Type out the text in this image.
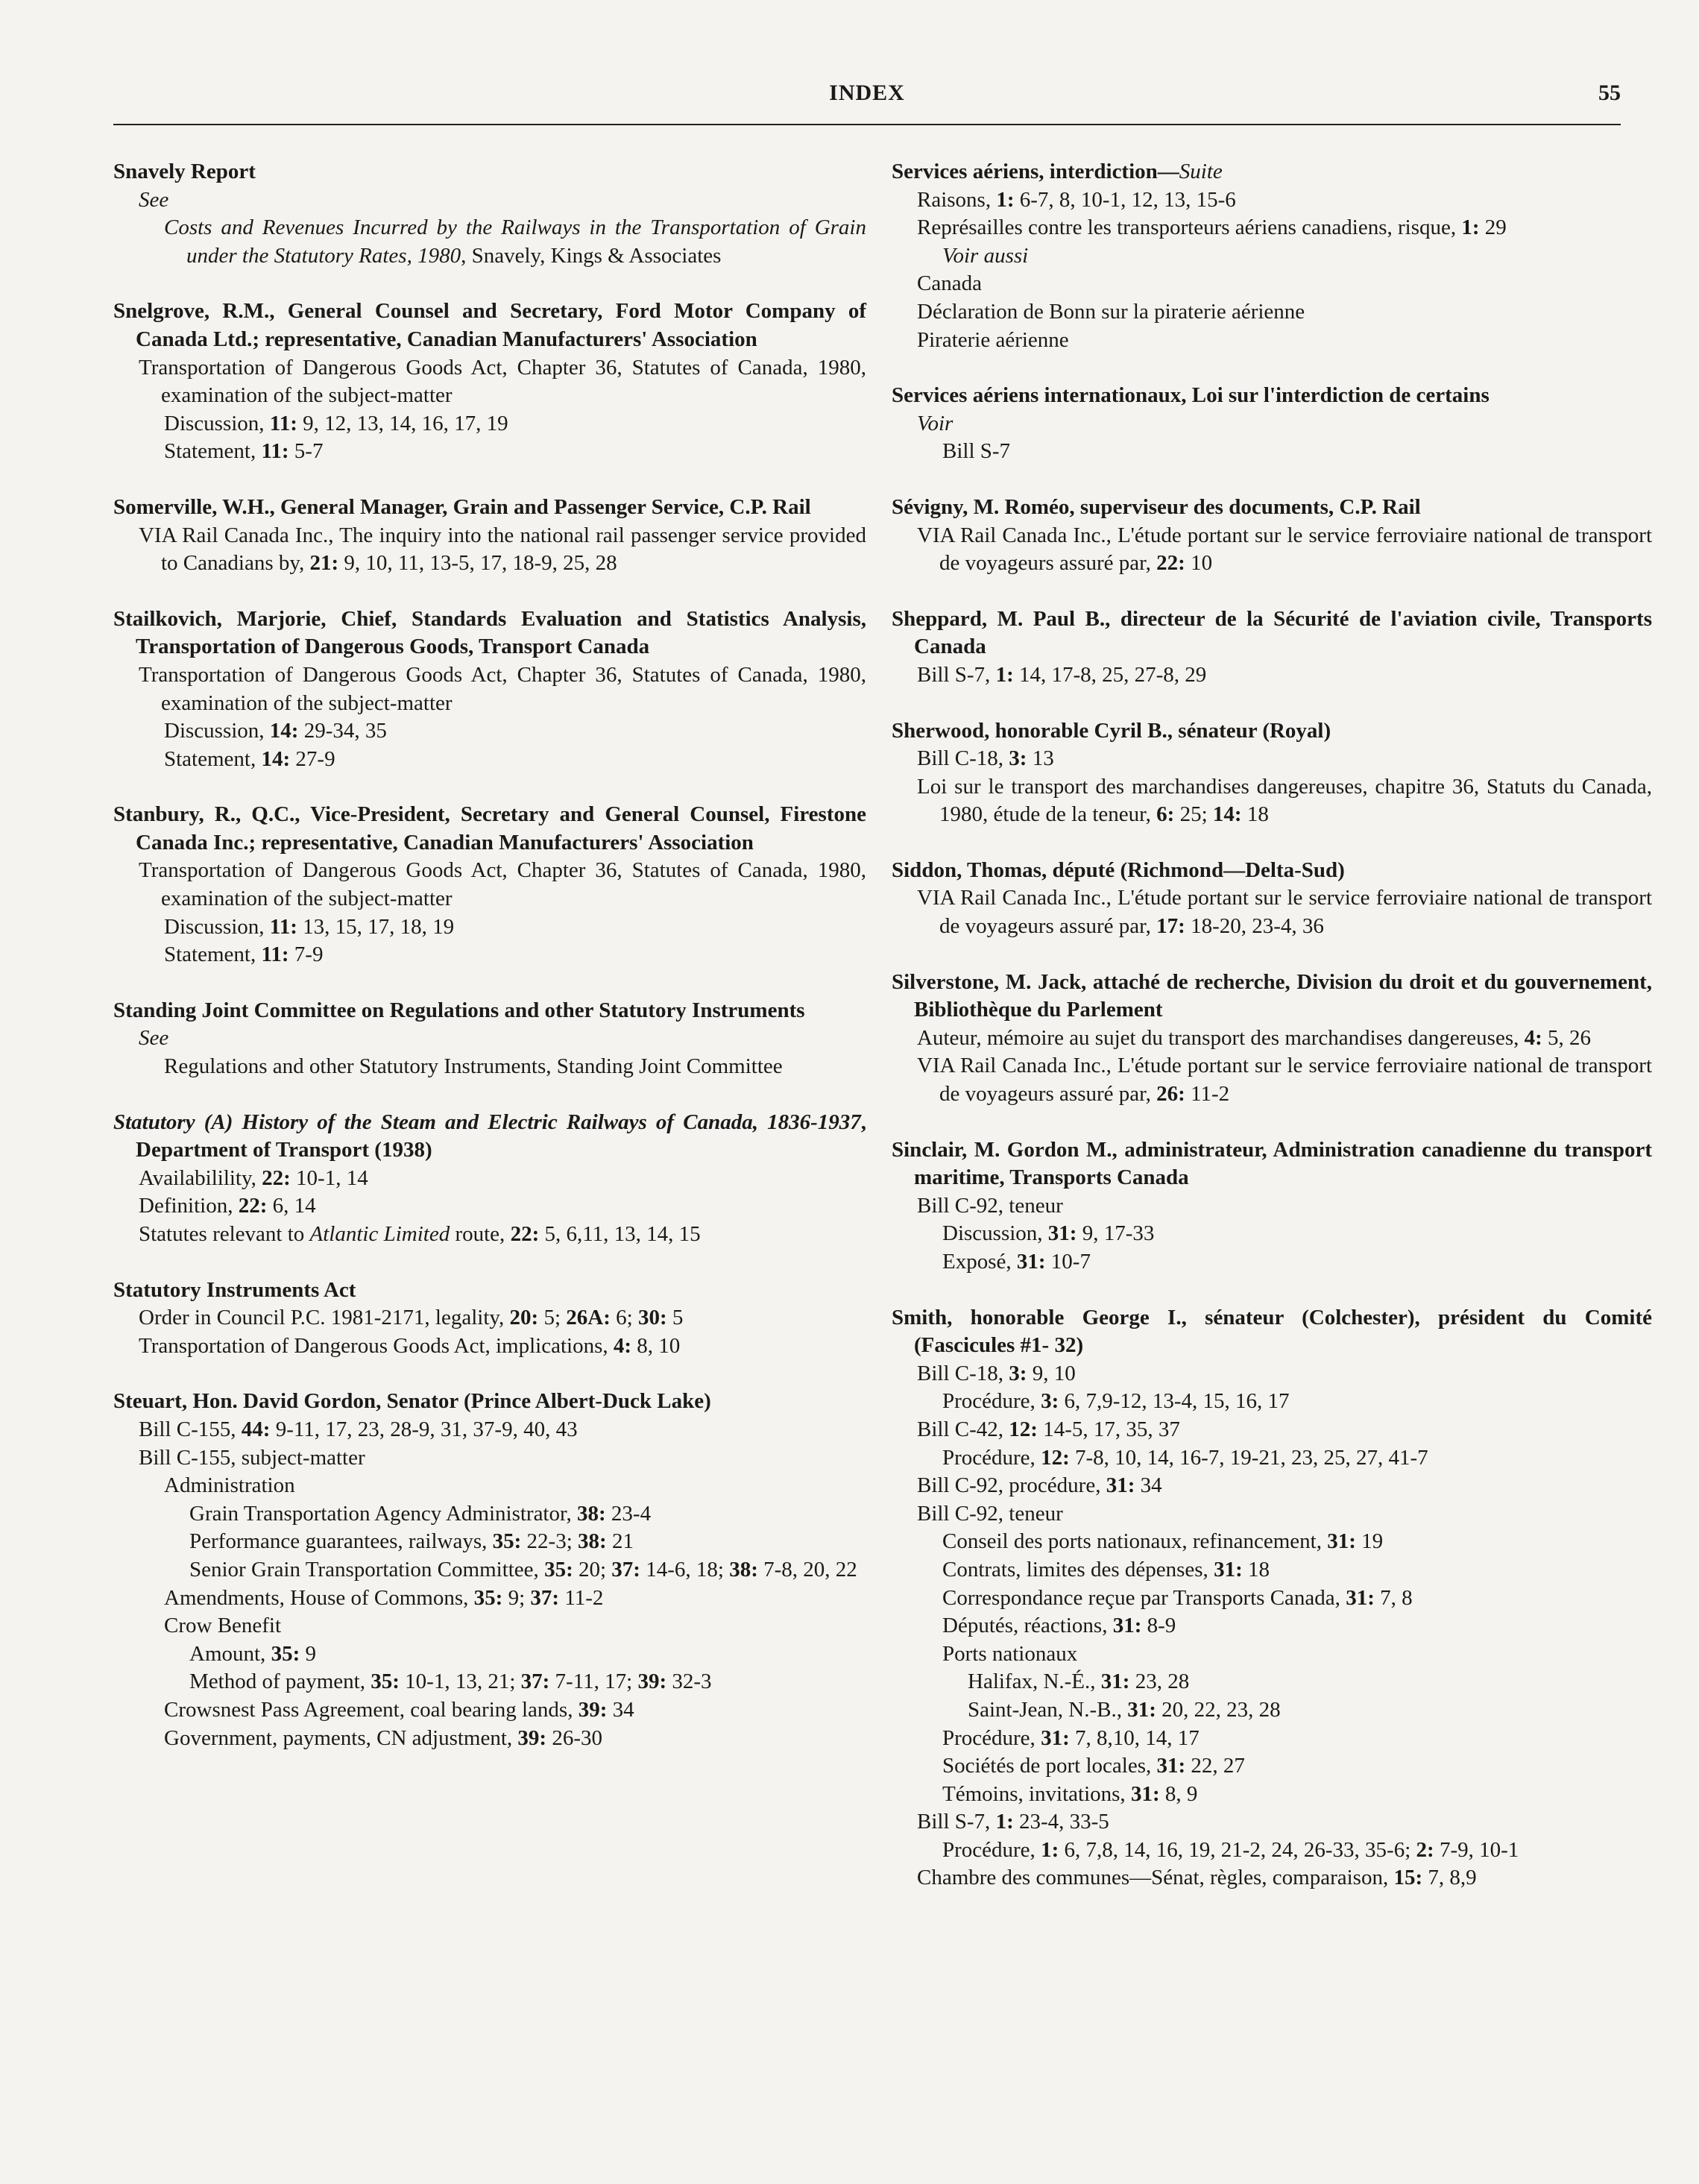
INDEX	55
Snavely Report
See
Costs and Revenues Incurred by the Railways in the Transportation of Grain under the Statutory Rates, 1980, Snavely, Kings & Associates
Snelgrove, R.M., General Counsel and Secretary, Ford Motor Company of Canada Ltd.; representative, Canadian Manufacturers' Association
Transportation of Dangerous Goods Act, Chapter 36, Statutes of Canada, 1980, examination of the subject-matter
Discussion, 11: 9, 12, 13, 14, 16, 17, 19
Statement, 11: 5-7
Somerville, W.H., General Manager, Grain and Passenger Service, C.P. Rail
VIA Rail Canada Inc., The inquiry into the national rail passenger service provided to Canadians by, 21: 9, 10, 11, 13-5, 17, 18-9, 25, 28
Stailkovich, Marjorie, Chief, Standards Evaluation and Statistics Analysis, Transportation of Dangerous Goods, Transport Canada
Transportation of Dangerous Goods Act, Chapter 36, Statutes of Canada, 1980, examination of the subject-matter
Discussion, 14: 29-34, 35
Statement, 14: 27-9
Stanbury, R., Q.C., Vice-President, Secretary and General Counsel, Firestone Canada Inc.; representative, Canadian Manufacturers' Association
Transportation of Dangerous Goods Act, Chapter 36, Statutes of Canada, 1980, examination of the subject-matter
Discussion, 11: 13, 15, 17, 18, 19
Statement, 11: 7-9
Standing Joint Committee on Regulations and other Statutory Instruments
See
Regulations and other Statutory Instruments, Standing Joint Committee
Statutory (A) History of the Steam and Electric Railways of Canada, 1836-1937, Department of Transport (1938)
Availabilility, 22: 10-1, 14
Definition, 22: 6, 14
Statutes relevant to Atlantic Limited route, 22: 5, 6,11, 13, 14, 15
Statutory Instruments Act
Order in Council P.C. 1981-2171, legality, 20: 5; 26A: 6; 30: 5
Transportation of Dangerous Goods Act, implications, 4: 8, 10
Steuart, Hon. David Gordon, Senator (Prince Albert-Duck Lake)
Bill C-155, 44: 9-11, 17, 23, 28-9, 31, 37-9, 40, 43
Bill C-155, subject-matter
Administration
Grain Transportation Agency Administrator, 38: 23-4
Performance guarantees, railways, 35: 22-3; 38: 21
Senior Grain Transportation Committee, 35: 20; 37: 14-6, 18; 38: 7-8, 20, 22
Amendments, House of Commons, 35: 9; 37: 11-2
Crow Benefit
Amount, 35: 9
Method of payment, 35: 10-1, 13, 21; 37: 7-11, 17; 39: 32-3
Crowsnest Pass Agreement, coal bearing lands, 39: 34
Government, payments, CN adjustment, 39: 26-30
Services aériens, interdiction—Suite
Raisons, 1: 6-7, 8, 10-1, 12, 13, 15-6
Représailles contre les transporteurs aériens canadiens, risque, 1: 29
Voir aussi
Canada
Déclaration de Bonn sur la piraterie aérienne
Piraterie aérienne
Services aériens internationaux, Loi sur l'interdiction de certains
Voir
Bill S-7
Sévigny, M. Roméo, superviseur des documents, C.P. Rail
VIA Rail Canada Inc., L'étude portant sur le service ferroviaire national de transport de voyageurs assuré par, 22: 10
Sheppard, M. Paul B., directeur de la Sécurité de l'aviation civile, Transports Canada
Bill S-7, 1: 14, 17-8, 25, 27-8, 29
Sherwood, honorable Cyril B., sénateur (Royal)
Bill C-18, 3: 13
Loi sur le transport des marchandises dangereuses, chapitre 36, Statuts du Canada, 1980, étude de la teneur, 6: 25; 14: 18
Siddon, Thomas, député (Richmond—Delta-Sud)
VIA Rail Canada Inc., L'étude portant sur le service ferroviaire national de transport de voyageurs assuré par, 17: 18-20, 23-4, 36
Silverstone, M. Jack, attaché de recherche, Division du droit et du gouvernement, Bibliothèque du Parlement
Auteur, mémoire au sujet du transport des marchandises dangereuses, 4: 5, 26
VIA Rail Canada Inc., L'étude portant sur le service ferroviaire national de transport de voyageurs assuré par, 26: 11-2
Sinclair, M. Gordon M., administrateur, Administration canadienne du transport maritime, Transports Canada
Bill C-92, teneur
Discussion, 31: 9, 17-33
Exposé, 31: 10-7
Smith, honorable George I., sénateur (Colchester), président du Comité (Fascicules #1- 32)
Bill C-18, 3: 9, 10
Procédure, 3: 6, 7,9-12, 13-4, 15, 16, 17
Bill C-42, 12: 14-5, 17, 35, 37
Procédure, 12: 7-8, 10, 14, 16-7, 19-21, 23, 25, 27, 41-7
Bill C-92, procédure, 31: 34
Bill C-92, teneur
Conseil des ports nationaux, refinancement, 31: 19
Contrats, limites des dépenses, 31: 18
Correspondance reçue par Transports Canada, 31: 7, 8
Députés, réactions, 31: 8-9
Ports nationaux
Halifax, N.-É., 31: 23, 28
Saint-Jean, N.-B., 31: 20, 22, 23, 28
Procédure, 31: 7, 8,10, 14, 17
Sociétés de port locales, 31: 22, 27
Témoins, invitations, 31: 8, 9
Bill S-7, 1: 23-4, 33-5
Procédure, 1: 6, 7,8, 14, 16, 19, 21-2, 24, 26-33, 35-6; 2: 7-9, 10-1
Chambre des communes—Sénat, règles, comparaison, 15: 7, 8,9
